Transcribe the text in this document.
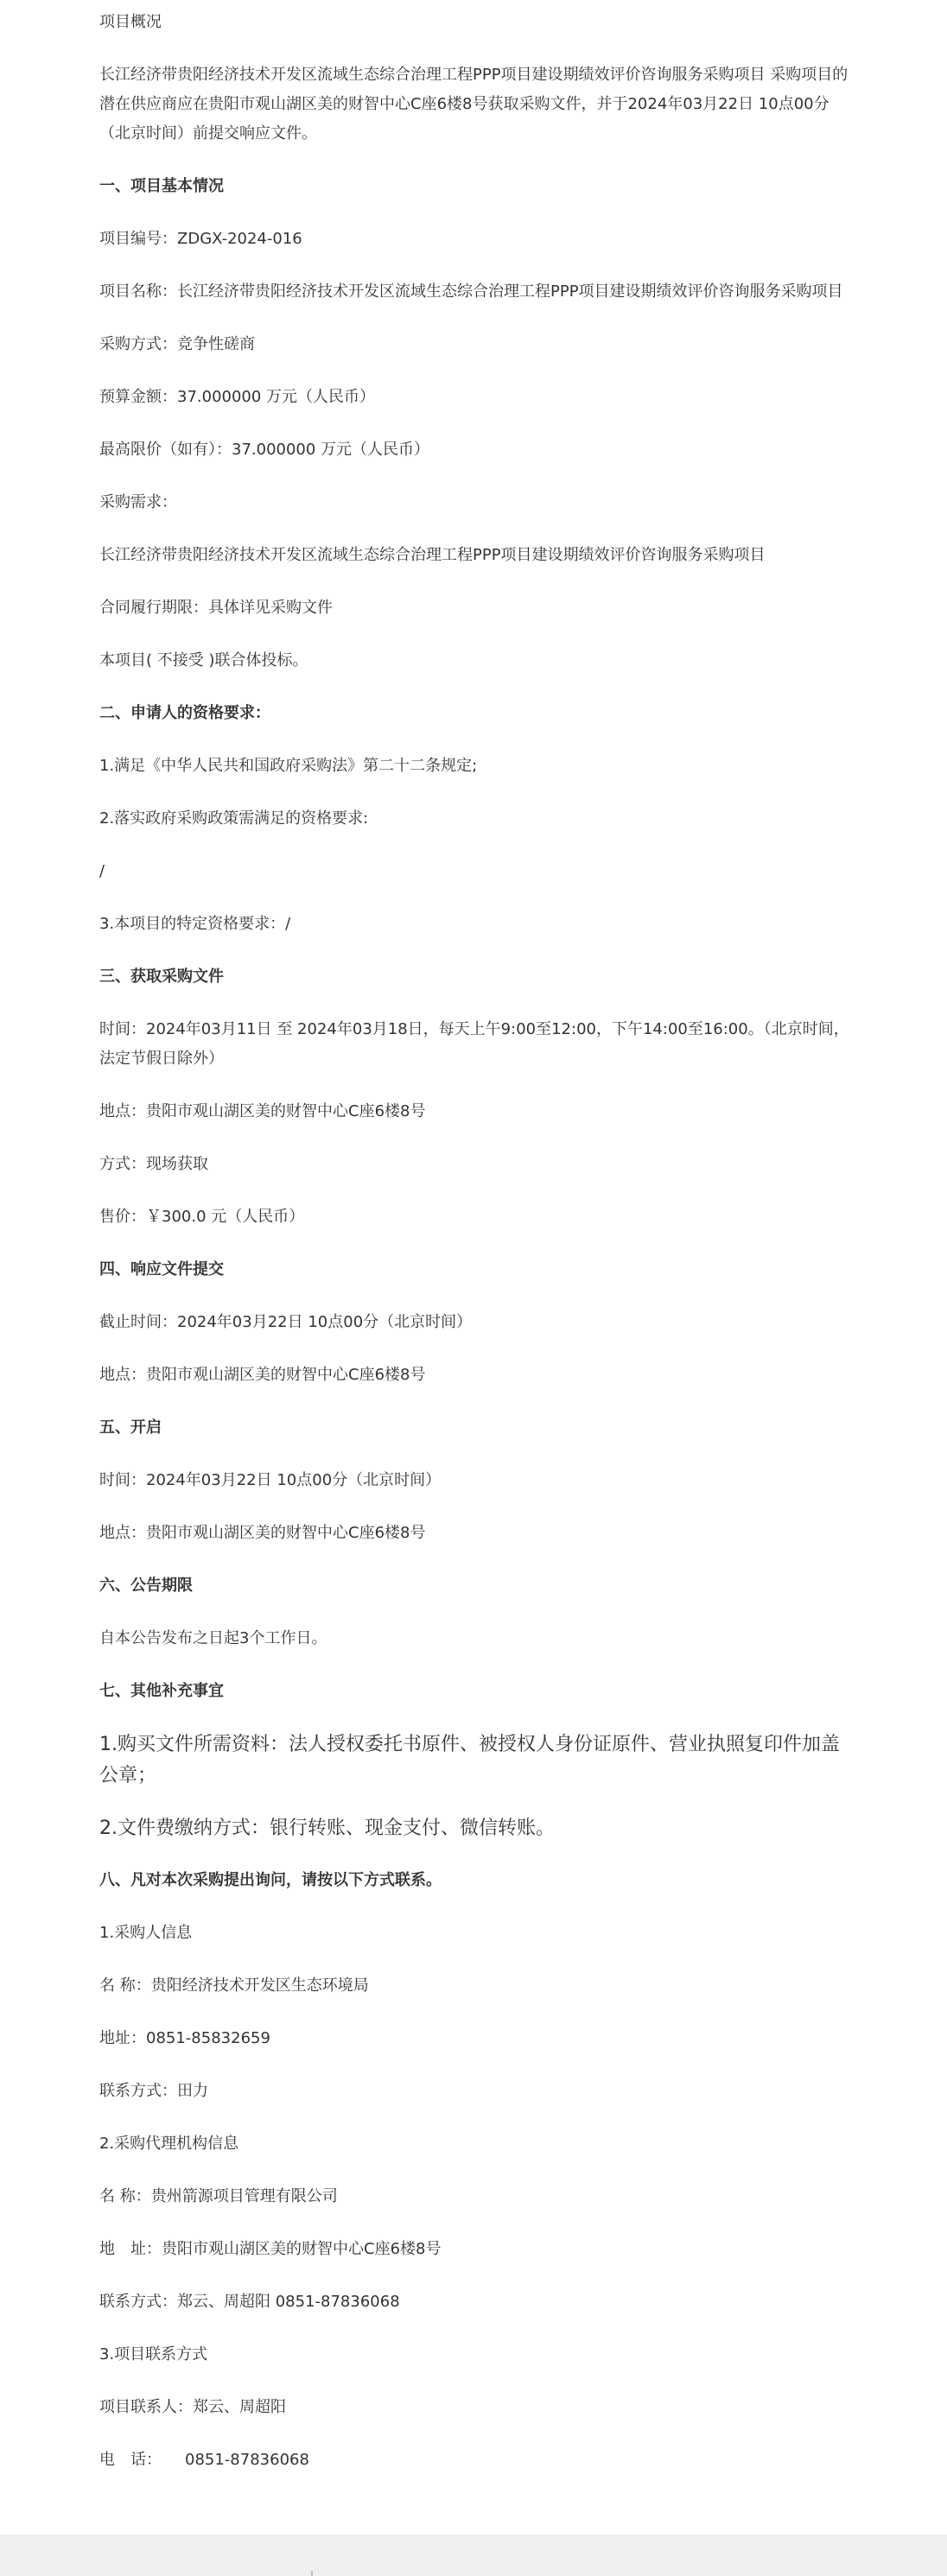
项目概况
长江经济带贵阳经济技术开发区流域生态综合治理工程PPP项目建设期绩效评价咨询服务采购项目 采购项目的潜在供应商应在贵阳市观山湖区美的财智中心C座6楼8号获取采购文件，并于2024年03月22日 10点00分（北京时间）前提交响应文件。
一、项目基本情况
项目编号：ZDGX-2024-016
项目名称：长江经济带贵阳经济技术开发区流域生态综合治理工程PPP项目建设期绩效评价咨询服务采购项目
采购方式：竞争性磋商
预算金额：37.000000 万元（人民币）
最高限价（如有）：37.000000 万元（人民币）
采购需求：
长江经济带贵阳经济技术开发区流域生态综合治理工程PPP项目建设期绩效评价咨询服务采购项目
合同履行期限：具体详见采购文件
本项目( 不接受 )联合体投标。
二、申请人的资格要求：
1.满足《中华人民共和国政府采购法》第二十二条规定;
2.落实政府采购政策需满足的资格要求:
/
3.本项目的特定资格要求：/
三、获取采购文件
时间：2024年03月11日 至 2024年03月18日，每天上午9:00至12:00，下午14:00至16:00。（北京时间，法定节假日除外）
地点：贵阳市观山湖区美的财智中心C座6楼8号
方式：现场获取
售价：￥300.0 元（人民币）
四、响应文件提交
截止时间：2024年03月22日 10点00分（北京时间）
地点：贵阳市观山湖区美的财智中心C座6楼8号
五、开启
时间：2024年03月22日 10点00分（北京时间）
地点：贵阳市观山湖区美的财智中心C座6楼8号
六、公告期限
自本公告发布之日起3个工作日。
七、其他补充事宜
1.购买文件所需资料：法人授权委托书原件、被授权人身份证原件、营业执照复印件加盖公章；
2.文件费缴纳方式：银行转账、现金支付、微信转账。
八、凡对本次采购提出询问，请按以下方式联系。
1.采购人信息
名 称：贵阳经济技术开发区生态环境局
地址：0851-85832659
联系方式：田力
2.采购代理机构信息
名 称：贵州箭源项目管理有限公司
地　址：贵阳市观山湖区美的财智中心C座6楼8号
联系方式：郑云、周超阳 0851-87836068
3.项目联系方式
项目联系人：郑云、周超阳
电　话：　　0851-87836068
